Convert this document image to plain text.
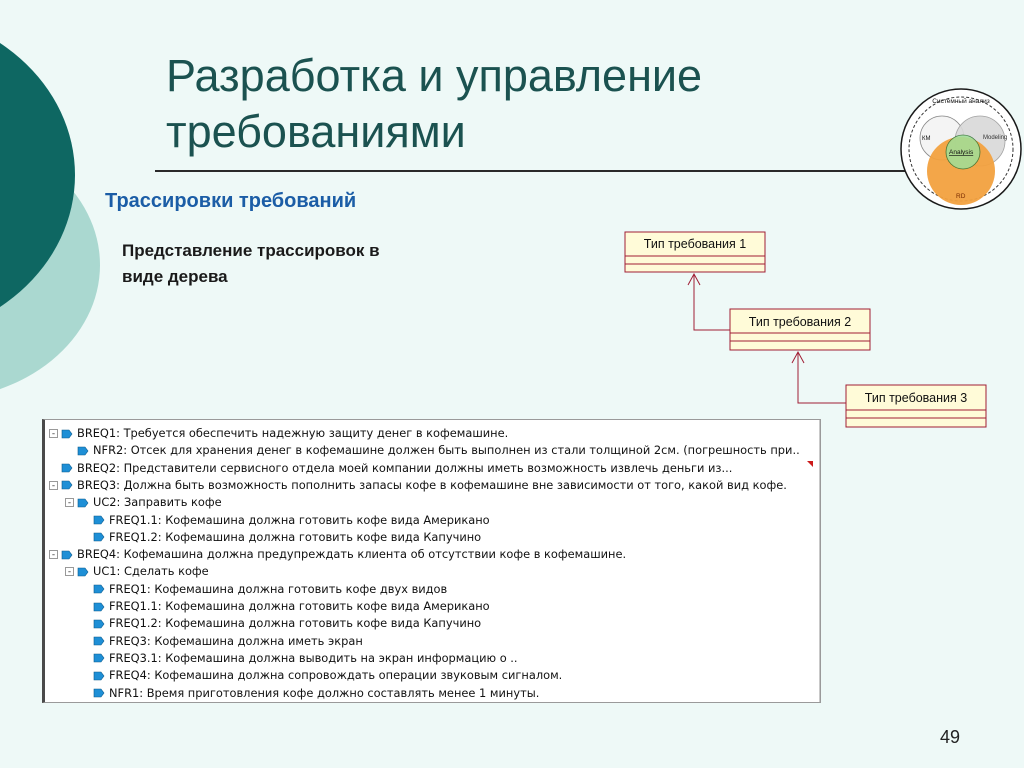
Разработка и управление
требованиями
Системный анализ
КМ	Modeling
Analysis
RD
Трассировки требований

Представление трассировок в
виде дерева

Тип требования 1
Тип требования 2
Тип требования 3
- BREQ1: Требуется обеспечить надежную защиту денег в кофемашине.
NFR2: Отсек для хранения денег в кофемашине должен быть выполнен из стали толщиной 2см. (погрешность при..
BREQ2: Представители сервисного отдела моей компании должны иметь возможность извлечь деньги из...
- BREQ3: Должна быть возможность пополнить запасы кофе в кофемашине вне зависимости от того, какой вид кофе.
- UC2: Заправить кофе
FREQ1.1: Кофемашина должна готовить кофе вида Американо
FREQ1.2: Кофемашина должна готовить кофе вида Капучино
- BREQ4: Кофемашина должна предупреждать клиента об отсутствии кофе в кофемашине.
- UC1: Сделать кофе
FREQ1: Кофемашина должна готовить кофе двух видов
FREQ1.1: Кофемашина должна готовить кофе вида Американо
FREQ1.2: Кофемашина должна готовить кофе вида Капучино
FREQ3: Кофемашина должна иметь экран
FREQ3.1: Кофемашина должна выводить на экран информацию о ..
FREQ4: Кофемашина должна сопровождать операции звуковым сигналом.
NFR1: Время приготовления кофе должно составлять менее 1 минуты.

49
